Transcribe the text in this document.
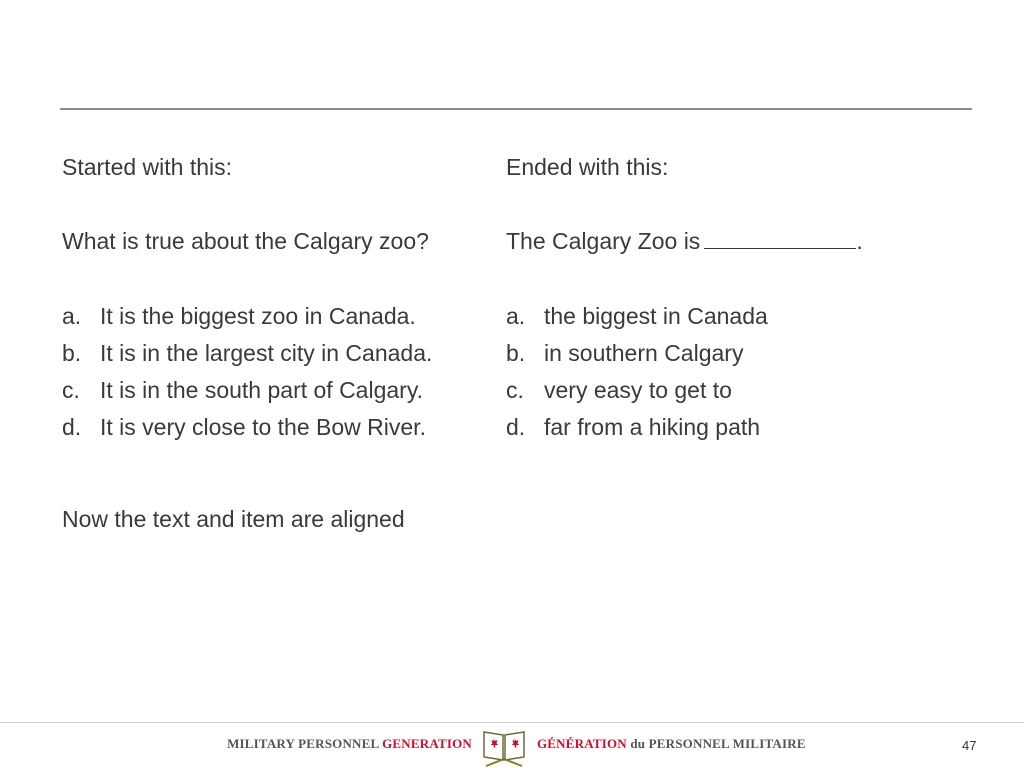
Started with this:
What is true about the Calgary zoo?
a. It is the biggest zoo in Canada.
b. It is in the largest city in Canada.
c. It is in the south part of Calgary.
d. It is very close to the Bow River.
Ended with this:
The Calgary Zoo is	.
a. the biggest in Canada
b. in southern Calgary
c. very easy to get to
d. far from a hiking path
Now the text and item are aligned
MILITARY PERSONNEL GENERATION	GÉNÉRATION du PERSONNEL MILITAIRE	47
